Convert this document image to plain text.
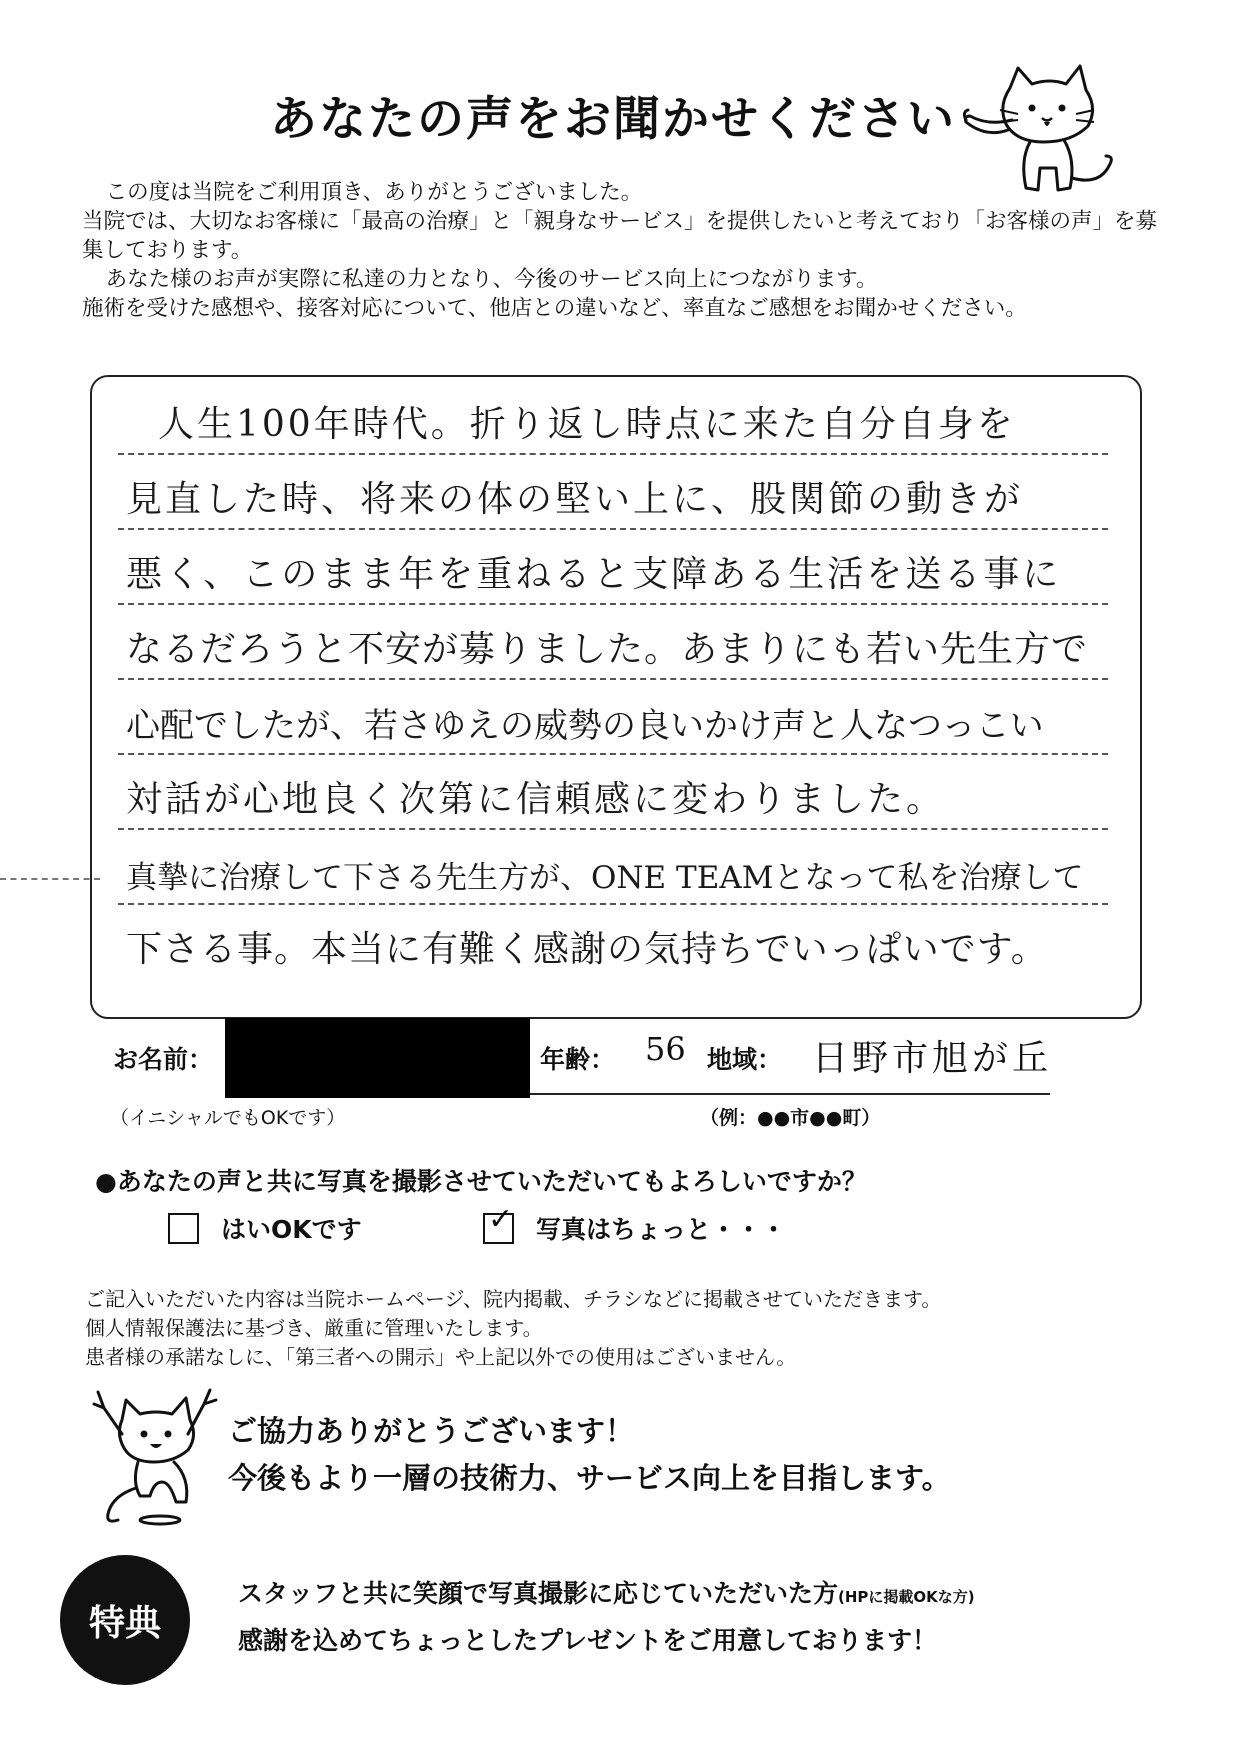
あなたの声をお聞かせください

この度は当院をご利用頂き、ありがとうございました。

当院では、大切なお客様に「最高の治療」と「親身なサービス」を提供したいと考えており「お客様の声」を募集しております。

あなた様のお声が実際に私達の力となり、今後のサービス向上につながります。

施術を受けた感想や、接客対応について、他店との違いなど、率直なご感想をお聞かせください。

人生100年時代。折り返し時点に来た自分自身を
見直した時、将来の体の堅い上に、股関節の動きが
悪く、このまま年を重ねると支障ある生活を送る事に
なるだろうと不安が募りました。あまりにも若い先生方で
心配でしたが、若さゆえの威勢の良いかけ声と人なつっこい
対話が心地良く次第に信頼感に変わりました。
真摯に治療して下さる先生方が、ONE TEAMとなって私を治療して
下さる事。本当に有難く感謝の気持ちでいっぱいです。
お名前：	年齢： 56 地域： 日野市旭が丘
（イニシャルでもOKです）	（例：●●市●●町）
●あなたの声と共に写真を撮影させていただいてもよろしいですか？
はいOKです	✓ 写真はちょっと・・・

ご記入いただいた内容は当院ホームページ、院内掲載、チラシなどに掲載させていただきます。

個人情報保護法に基づき、厳重に管理いたします。

患者様の承諾なしに、「第三者への開示」や上記以外での使用はございません。

ご協力ありがとうございます！

今後もより一層の技術力、サービス向上を目指します。

特典

スタッフと共に笑顔で写真撮影に応じていただいた方(HPに掲載OKな方)

感謝を込めてちょっとしたプレゼントをご用意しております！
